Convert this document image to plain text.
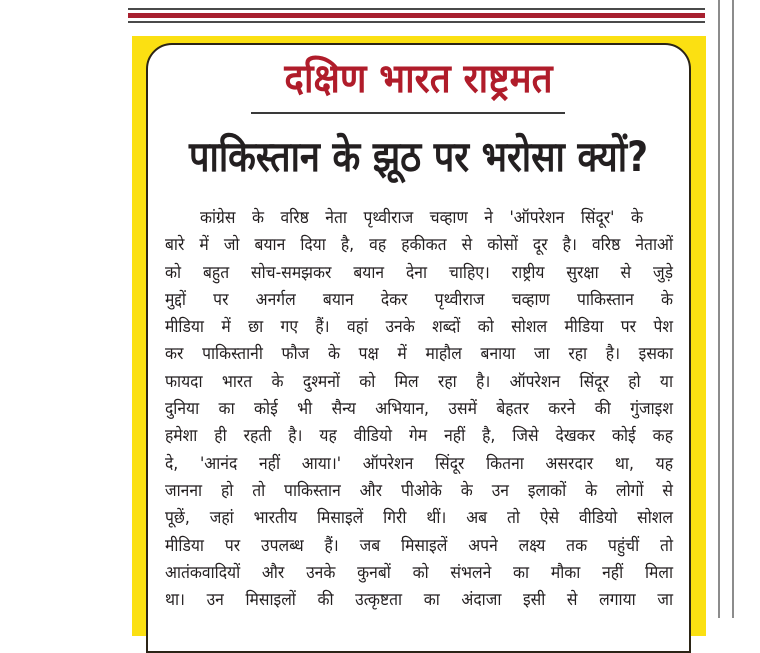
दक्षिण भारत राष्ट्रमत
पाकिस्तान के झूठ पर भरोसा क्यों?
कांग्रेस के वरिष्ठ नेता पृथ्वीराज चव्हाण ने 'ऑपरेशन सिंदूर' के
बारे में जो बयान दिया है, वह हकीकत से कोसों दूर है। वरिष्ठ नेताओं
को बहुत सोच-समझकर बयान देना चाहिए। राष्ट्रीय सुरक्षा से जुड़े
मुद्दों पर अनर्गल बयान देकर पृथ्वीराज चव्हाण पाकिस्तान के
मीडिया में छा गए हैं। वहां उनके शब्दों को सोशल मीडिया पर पेश
कर पाकिस्तानी फौज के पक्ष में माहौल बनाया जा रहा है। इसका
फायदा भारत के दुश्मनों को मिल रहा है। ऑपरेशन सिंदूर हो या
दुनिया का कोई भी सैन्य अभियान, उसमें बेहतर करने की गुंजाइश
हमेशा ही रहती है। यह वीडियो गेम नहीं है, जिसे देखकर कोई कह
दे, 'आनंद नहीं आया।' ऑपरेशन सिंदूर कितना असरदार था, यह
जानना हो तो पाकिस्तान और पीओके के उन इलाकों के लोगों से
पूछें, जहां भारतीय मिसाइलें गिरी थीं। अब तो ऐसे वीडियो सोशल
मीडिया पर उपलब्ध हैं। जब मिसाइलें अपने लक्ष्य तक पहुंचीं तो
आतंकवादियों और उनके कुनबों को संभलने का मौका नहीं मिला
था। उन मिसाइलों की उत्कृष्टता का अंदाजा इसी से लगाया जा
